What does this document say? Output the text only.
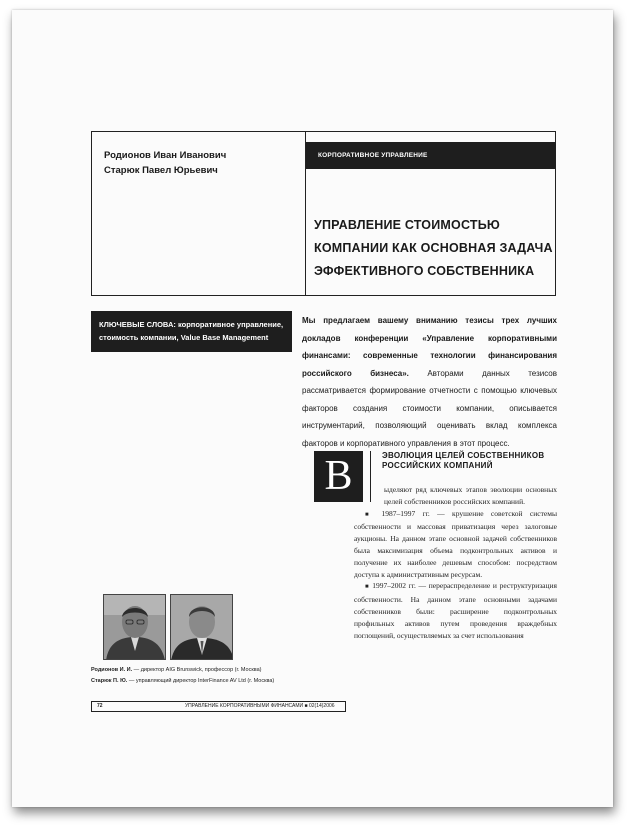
Родионов Иван Иванович
Старюк Павел Юрьевич
КОРПОРАТИВНОЕ УПРАВЛЕНИЕ
УПРАВЛЕНИЕ СТОИМОСТЬЮ
КОМПАНИИ КАК ОСНОВНАЯ ЗАДАЧА
ЭФФЕКТИВНОГО СОБСТВЕННИКА
КЛЮЧЕВЫЕ СЛОВА: корпоративное управление, стоимость компании, Value Base Management
Мы предлагаем вашему вниманию тезисы трех лучших докладов конференции «Управление корпоративными финансами: современные технологии финансирования российского бизнеса». Авторами данных тезисов рассматривается формирование отчетности с помощью ключевых факторов создания стоимости компании, описывается инструментарий, позволяющий оценивать вклад комплекса факторов и корпоративного управления в этот процесс.
В	ЭВОЛЮЦИЯ ЦЕЛЕЙ СОБСТВЕННИКОВ
РОССИЙСКИХ КОМПАНИЙ

ыделяют ряд ключевых этапов эволюции основных целей собственников российских компаний.

■ 1987–1997 гг. — крушение советской системы собственности и массовая приватизация через залоговые аукционы. На данном этапе основной задачей собственников была максимизация объема подконтрольных активов и получение их наиболее дешевым способом: посредством доступа к административным ресурсам.

■ 1997–2002 гг. — перераспределение и реструктуризация собственности. На данном этапе основными задачами собственников были: расширение подконтрольных профильных активов путем проведения враждебных поглощений, осуществляемых за счет использования

Родионов И. И. — директор AIG Brunswick, профессор (г. Москва)
Старюк П. Ю. — управляющий директор InterFinance AV Ltd (г. Москва)
72	УПРАВЛЕНИЕ КОРПОРАТИВНЫМИ ФИНАНСАМИ ■ 02(14)2006
